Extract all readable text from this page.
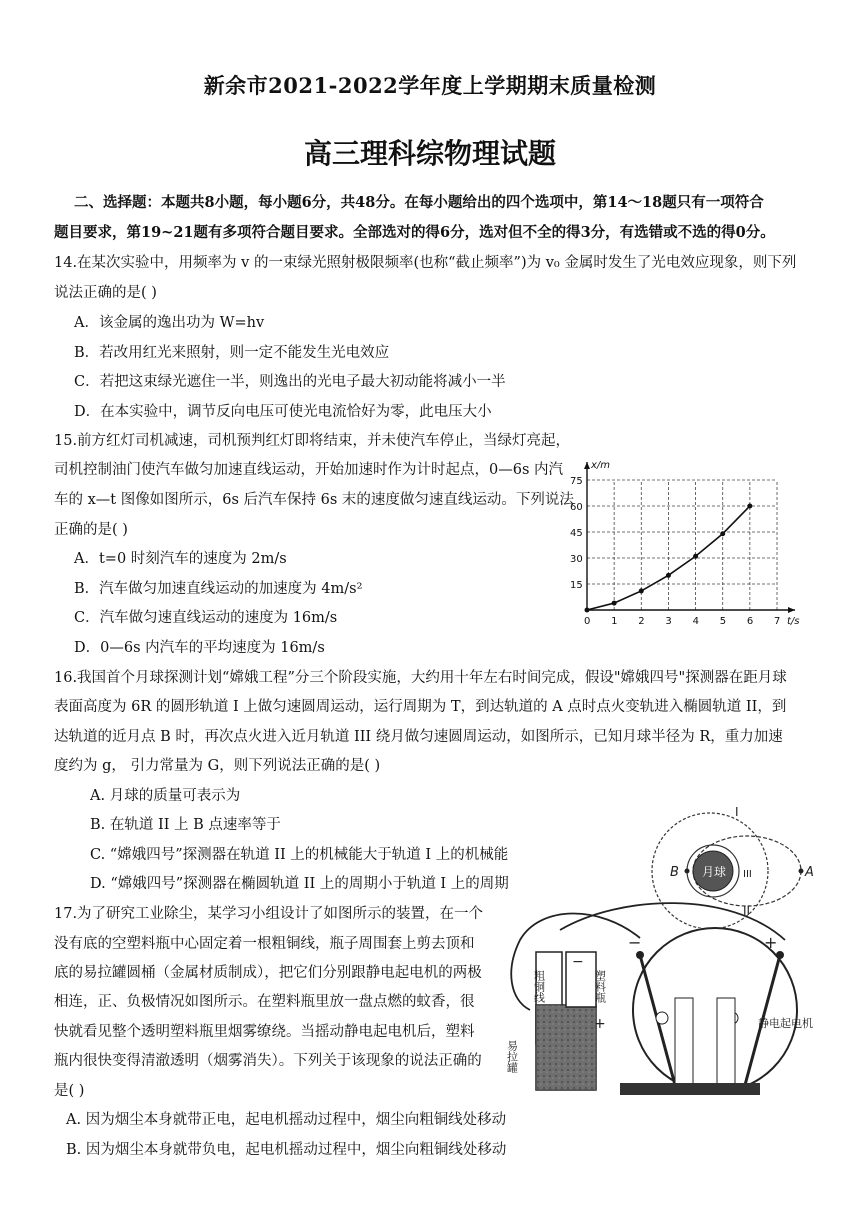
新余市2021-2022学年度上学期期末质量检测
高三理科综物理试题
二、选择题：本题共8小题，每小题6分，共48分。在每小题给出的四个选项中，第14～18题只有一项符合
题目要求，第19~21题有多项符合题目要求。全部选对的得6分，选对但不全的得3分，有选错或不选的得0分。
14.在某次实验中，用频率为 v 的一束绿光照射极限频率(也称“截止频率”)为 v₀ 金属时发生了光电效应现象，则下列
说法正确的是( )
A．该金属的逸出功为 W=hv
B．若改用红光来照射，则一定不能发生光电效应
C．若把这束绿光遮住一半，则逸出的光电子最大初动能将减小一半
D．在本实验中，调节反向电压可使光电流恰好为零，此电压大小
15.前方红灯司机减速，司机预判红灯即将结束，并未使汽车停止，当绿灯亮起，
司机控制油门使汽车做匀加速直线运动，开始加速时作为计时起点，0—6s 内汽
车的 x—t 图像如图所示，6s 后汽车保持 6s 末的速度做匀速直线运动。下列说法
正确的是( )
A．t=0 时刻汽车的速度为 2m/s
B．汽车做匀加速直线运动的加速度为 4m/s²
C．汽车做匀速直线运动的速度为 16m/s
D．0—6s 内汽车的平均速度为 16m/s
0 1 2 3 4 5 6 7
15
30
45
60
75
t/s
x/m
16.我国首个月球探测计划“嫦娥工程”分三个阶段实施，大约用十年左右时间完成，假设"嫦娥四号"探测器在距月球
表面高度为 6R 的圆形轨道 I 上做匀速圆周运动，运行周期为 T，到达轨道的 A 点时点火变轨进入椭圆轨道 II，到
达轨道的近月点 B 时，再次点火进入近月轨道 III 绕月做匀速圆周运动，如图所示，已知月球半径为 R，重力加速
度约为 g， 引力常量为 G，则下列说法正确的是( )
A. 月球的质量可表示为
B. 在轨道 II 上 B 点速率等于
C. “嫦娥四号”探测器在轨道 II 上的机械能大于轨道 I 上的机械能
D. “嫦娥四号”探测器在椭圆轨道 II 上的周期小于轨道 I 上的周期
月球
I
III
II
B	A
17.为了研究工业除尘，某学习小组设计了如图所示的装置，在一个
没有底的空塑料瓶中心固定着一根粗铜线，瓶子周围套上剪去顶和
底的易拉罐圆桶（金属材质制成），把它们分别跟静电起电机的两极
相连，正、负极情况如图所示。在塑料瓶里放一盘点燃的蚊香，很
快就看见整个透明塑料瓶里烟雾缭绕。当摇动静电起电机后，塑料
瓶内很快变得清澈透明（烟雾消失）。下列关于该现象的说法正确的
是( )
A. 因为烟尘本身就带正电，起电机摇动过程中，烟尘向粗铜线处移动
B. 因为烟尘本身就带负电，起电机摇动过程中，烟尘向粗铜线处移动
粗铜线
易拉罐
塑料瓶
−
+
−	+
静电起电机
